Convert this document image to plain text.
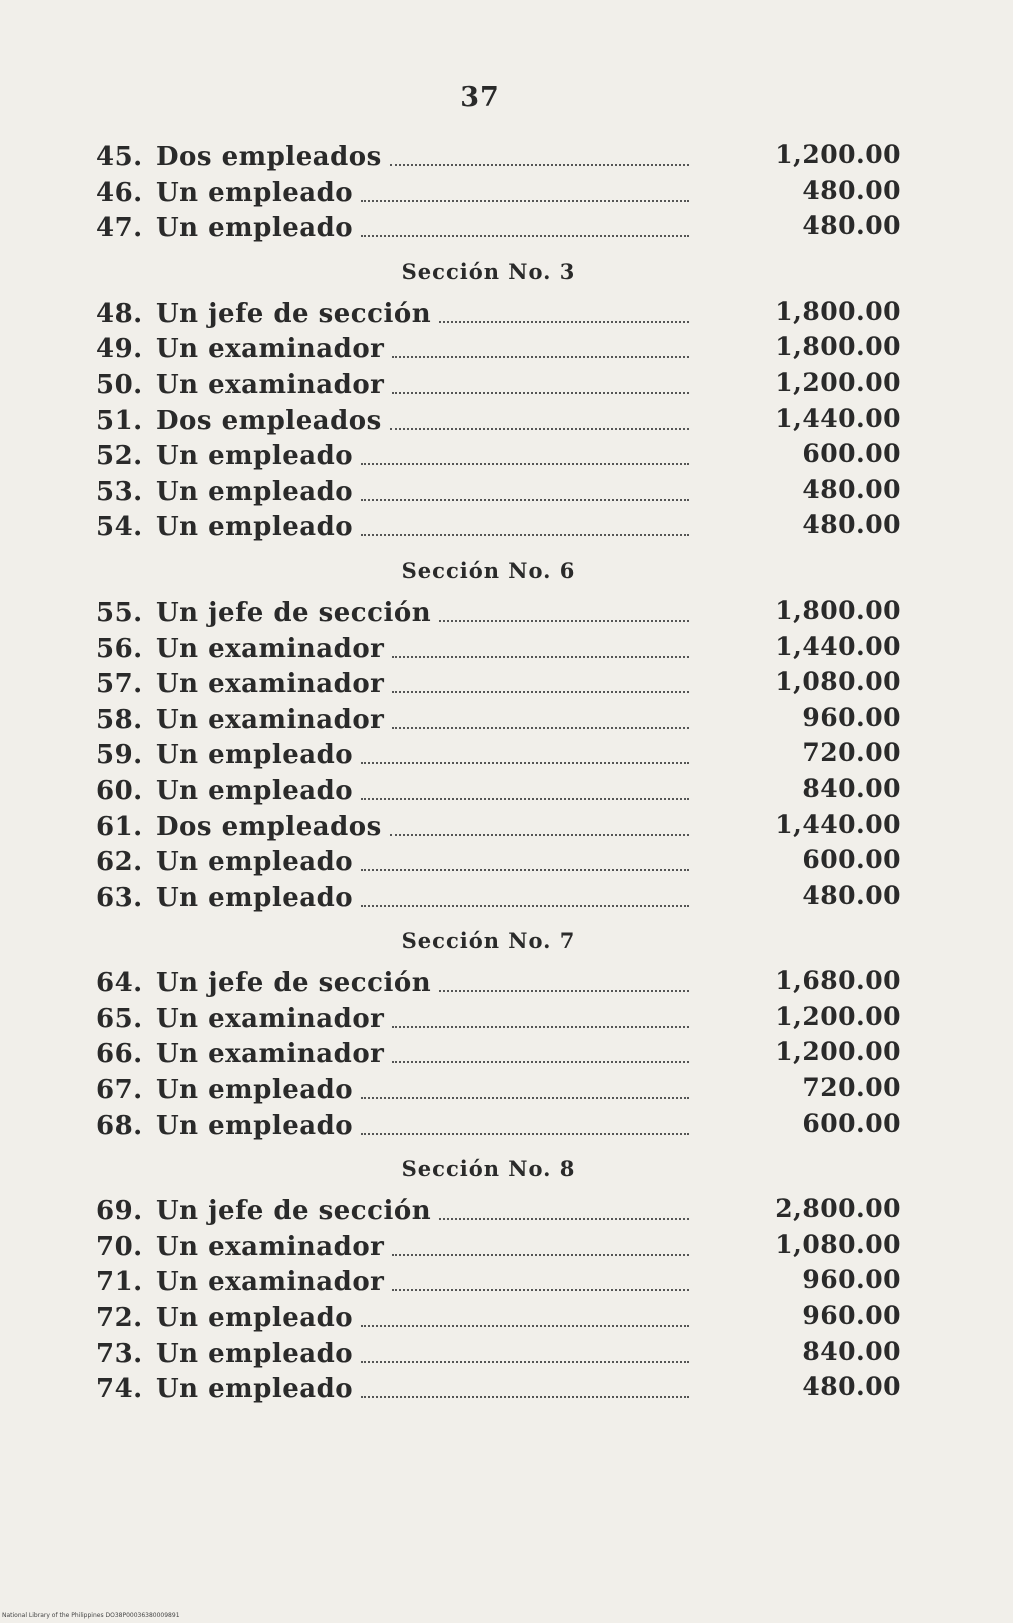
37
45. Dos empleados	1,200.00
46. Un empleado	480.00
47. Un empleado	480.00
Sección No. 3
48. Un jefe de sección	1,800.00
49. Un examinador	1,800.00
50. Un examinador	1,200.00
51. Dos empleados	1,440.00
52. Un empleado	600.00
53. Un empleado	480.00
54. Un empleado	480.00
Sección No. 6
55. Un jefe de sección	1,800.00
56. Un examinador	1,440.00
57. Un examinador	1,080.00
58. Un examinador	960.00
59. Un empleado	720.00
60. Un empleado	840.00
61. Dos empleados	1,440.00
62. Un empleado	600.00
63. Un empleado	480.00
Sección No. 7
64. Un jefe de sección	1,680.00
65. Un examinador	1,200.00
66. Un examinador	1,200.00
67. Un empleado	720.00
68. Un empleado	600.00
Sección No. 8
69. Un jefe de sección	2,800.00
70. Un examinador	1,080.00
71. Un examinador	960.00
72. Un empleado	960.00
73. Un empleado	840.00
74. Un empleado	480.00
National Library of the Philippines DO38P00036380009891
